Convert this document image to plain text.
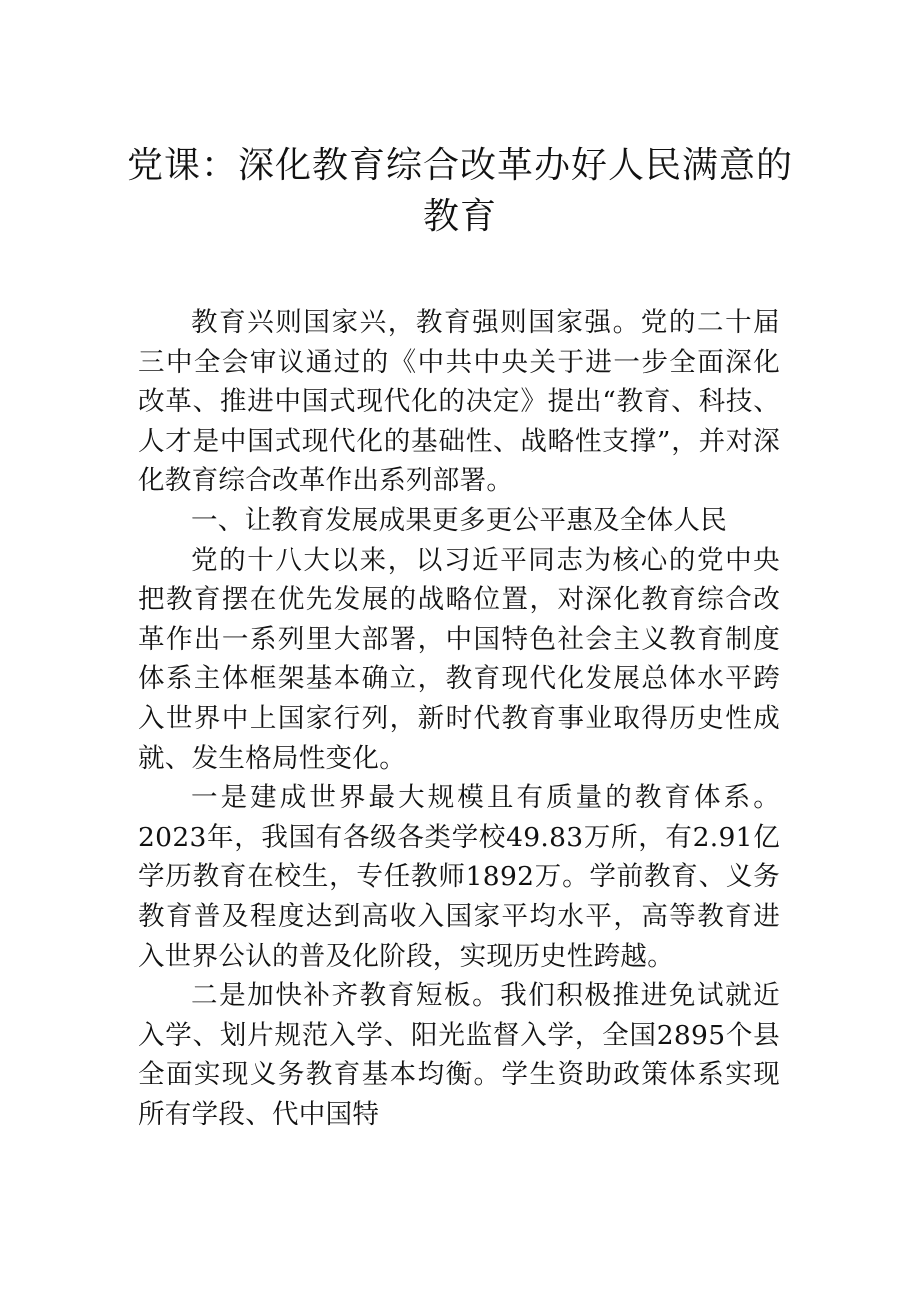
党课：深化教育综合改革办好人民满意的
教育

教育兴则国家兴，教育强则国家强。党的二十届三中全会审议通过的《中共中央关于进一步全面深化改革、推进中国式现代化的决定》提出“教育、科技、人才是中国式现代化的基础性、战略性支撑”，并对深化教育综合改革作出系列部署。

一、让教育发展成果更多更公平惠及全体人民

党的十八大以来，以习近平同志为核心的党中央把教育摆在优先发展的战略位置，对深化教育综合改革作出一系列里大部署，中国特色社会主义教育制度体系主体框架基本确立，教育现代化发展总体水平跨入世界中上国家行列，新时代教育事业取得历史性成就、发生格局性变化。

一是建成世界最大规模且有质量的教育体系。2023年，我国有各级各类学校49.83万所，有2.91亿学历教育在校生，专任教师1892万。学前教育、义务教育普及程度达到高收入国家平均水平，高等教育进入世界公认的普及化阶段，实现历史性跨越。

二是加快补齐教育短板。我们积极推进免试就近入学、划片规范入学、阳光监督入学，全国2895个县全面实现义务教育基本均衡。学生资助政策体系实现所有学段、代中国特
